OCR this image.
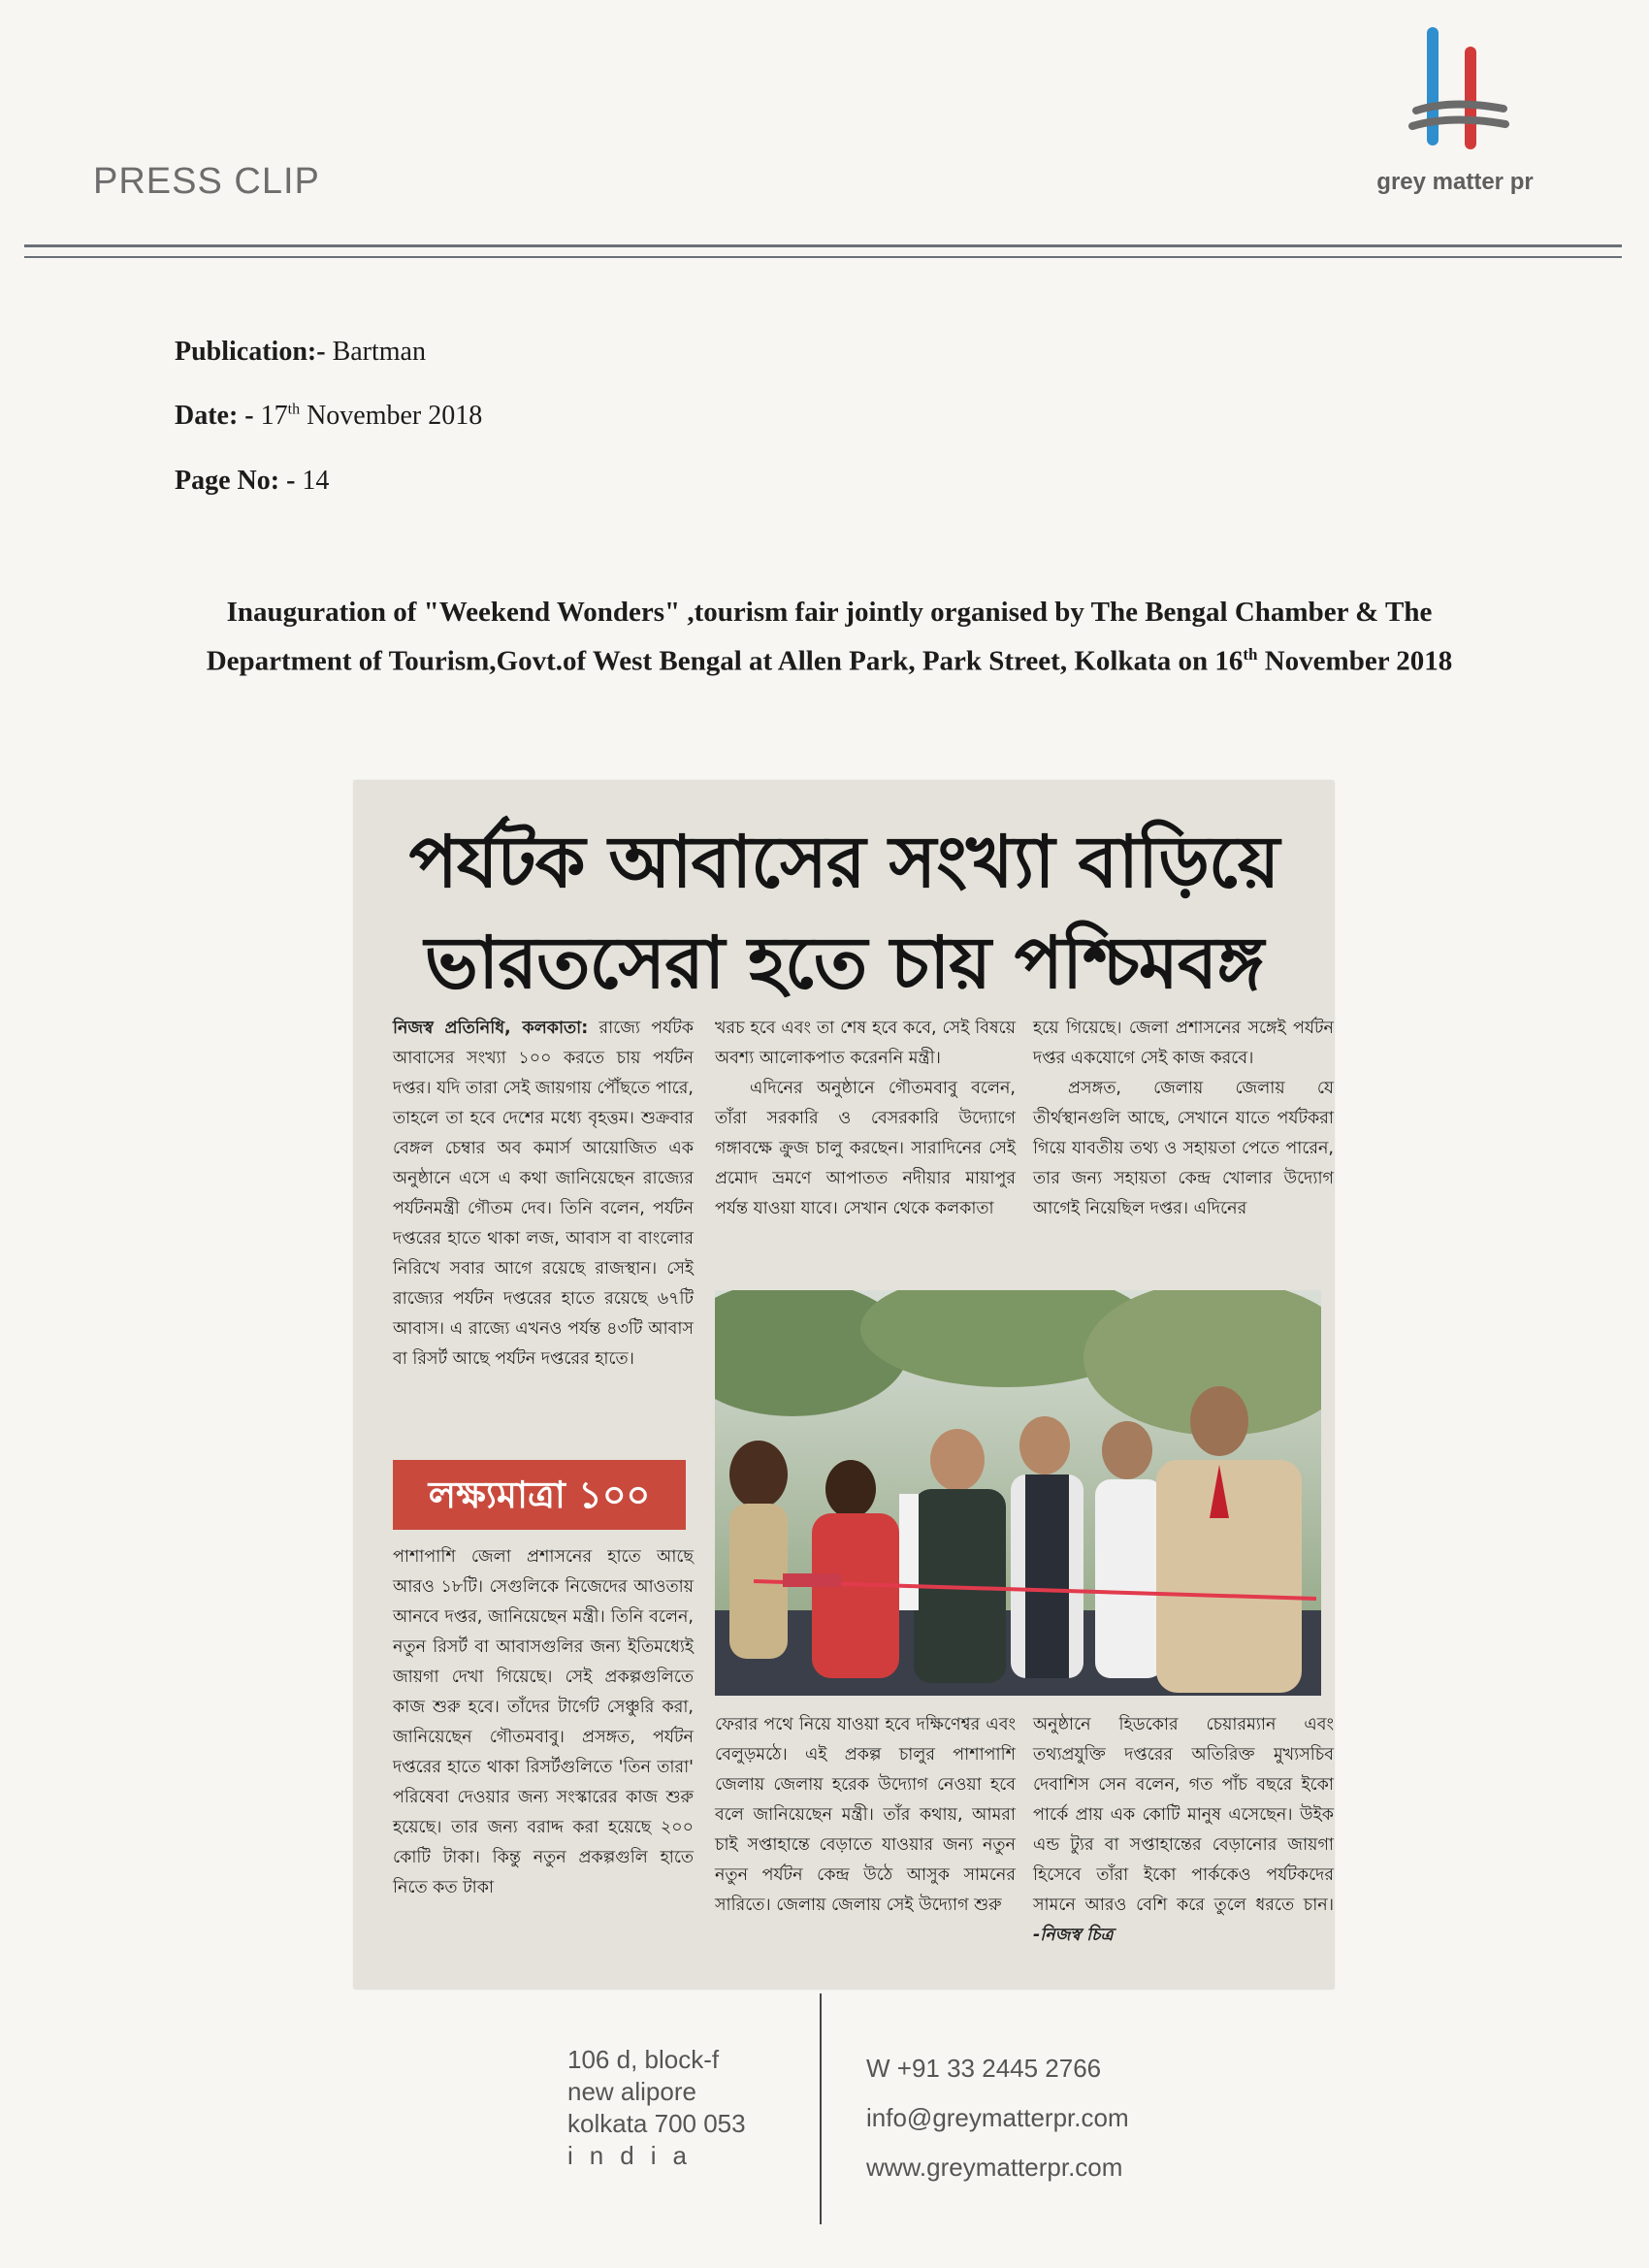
PRESS CLIP	grey matter pr
Publication:- Bartman
Date: - 17th November 2018
Page No: - 14
Inauguration of "Weekend Wonders" ,tourism fair jointly organised by The Bengal Chamber & The Department of Tourism,Govt.of West Bengal at Allen Park, Park Street, Kolkata on 16th November 2018
পর্যটক আবাসের সংখ্যা বাড়িয়ে
ভারতসেরা হতে চায় পশ্চিমবঙ্গ

নিজস্ব প্রতিনিধি, কলকাতা: রাজ্যে পর্যটক আবাসের সংখ্যা ১০০ করতে চায় পর্যটন দপ্তর। যদি তারা সেই জায়গায় পৌঁছতে পারে, তাহলে তা হবে দেশের মধ্যে বৃহত্তম। শুক্রবার বেঙ্গল চেম্বার অব কমার্স আয়োজিত এক অনুষ্ঠানে এসে এ কথা জানিয়েছেন রাজ্যের পর্যটনমন্ত্রী গৌতম দেব। তিনি বলেন, পর্যটন দপ্তরের হাতে থাকা লজ, আবাস বা বাংলোর নিরিখে সবার আগে রয়েছে রাজস্থান। সেই রাজ্যের পর্যটন দপ্তরের হাতে রয়েছে ৬৭টি আবাস। এ রাজ্যে এখনও পর্যন্ত ৪৩টি আবাস বা রিসর্ট আছে পর্যটন দপ্তরের হাতে।

লক্ষ্যমাত্রা ১০০

পাশাপাশি জেলা প্রশাসনের হাতে আছে আরও ১৮টি। সেগুলিকে নিজেদের আওতায় আনবে দপ্তর, জানিয়েছেন মন্ত্রী। তিনি বলেন, নতুন রিসর্ট বা আবাসগুলির জন্য ইতিমধ্যেই জায়গা দেখা গিয়েছে। সেই প্রকল্পগুলিতে কাজ শুরু হবে। তাঁদের টার্গেট সেঞ্চুরি করা, জানিয়েছেন গৌতমবাবু। প্রসঙ্গত, পর্যটন দপ্তরের হাতে থাকা রিসর্টগুলিতে 'তিন তারা' পরিষেবা দেওয়ার জন্য সংস্কারের কাজ শুরু হয়েছে। তার জন্য বরাদ্দ করা হয়েছে ২০০ কোটি টাকা। কিন্তু নতুন প্রকল্পগুলি হাতে নিতে কত টাকা

খরচ হবে এবং তা শেষ হবে কবে, সেই বিষয়ে অবশ্য আলোকপাত করেননি মন্ত্রী।

এদিনের অনুষ্ঠানে গৌতমবাবু বলেন, তাঁরা সরকারি ও বেসরকারি উদ্যোগে গঙ্গাবক্ষে ক্রুজ চালু করছেন। সারাদিনের সেই প্রমোদ ভ্রমণে আপাতত নদীয়ার মায়াপুর পর্যন্ত যাওয়া যাবে। সেখান থেকে কলকাতা

হয়ে গিয়েছে। জেলা প্রশাসনের সঙ্গেই পর্যটন দপ্তর একযোগে সেই কাজ করবে।

প্রসঙ্গত, জেলায় জেলায় যে তীর্থস্থানগুলি আছে, সেখানে যাতে পর্যটকরা গিয়ে যাবতীয় তথ্য ও সহায়তা পেতে পারেন, তার জন্য সহায়তা কেন্দ্র খোলার উদ্যোগ আগেই নিয়েছিল দপ্তর। এদিনের

ফেরার পথে নিয়ে যাওয়া হবে দক্ষিণেশ্বর এবং বেলুড়মঠে। এই প্রকল্প চালুর পাশাপাশি জেলায় জেলায় হরেক উদ্যোগ নেওয়া হবে বলে জানিয়েছেন মন্ত্রী। তাঁর কথায়, আমরা চাই সপ্তাহান্তে বেড়াতে যাওয়ার জন্য নতুন নতুন পর্যটন কেন্দ্র উঠে আসুক সামনের সারিতে। জেলায় জেলায় সেই উদ্যোগ শুরু

অনুষ্ঠানে হিডকোর চেয়ারম্যান এবং তথ্যপ্রযুক্তি দপ্তরের অতিরিক্ত মুখ্যসচিব দেবাশিস সেন বলেন, গত পাঁচ বছরে ইকো পার্কে প্রায় এক কোটি মানুষ এসেছেন। উইক এন্ড ট্যুর বা সপ্তাহান্তের বেড়ানোর জায়গা হিসেবে তাঁরা ইকো পার্ককেও পর্যটকদের সামনে আরও বেশি করে তুলে ধরতে চান। -নিজস্ব চিত্র

106 d, block-f
new alipore
kolkata 700 053
india
W +91 33 2445 2766
info@greymatterpr.com
www.greymatterpr.com
